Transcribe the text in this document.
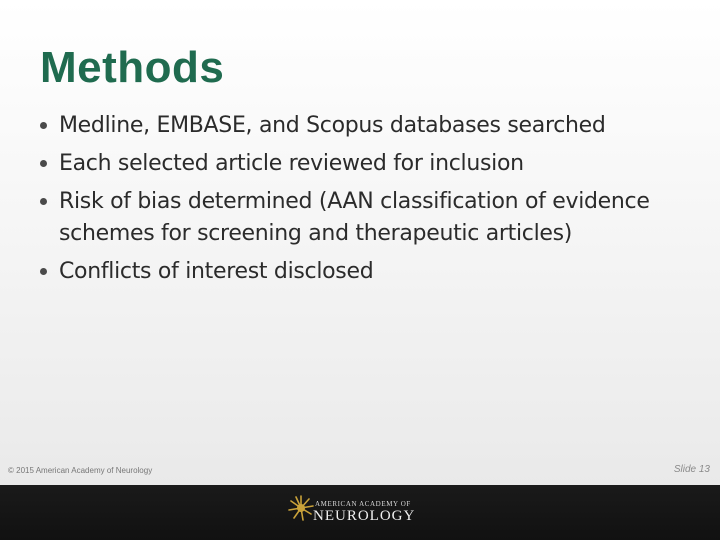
Methods
Medline, EMBASE, and Scopus databases searched
Each selected article reviewed for inclusion
Risk of bias determined (AAN classification of evidence schemes for screening and therapeutic articles)
Conflicts of interest disclosed
© 2015 American Academy of Neurology	Slide 13
AMERICAN ACADEMY OF
NEUROLOGY
